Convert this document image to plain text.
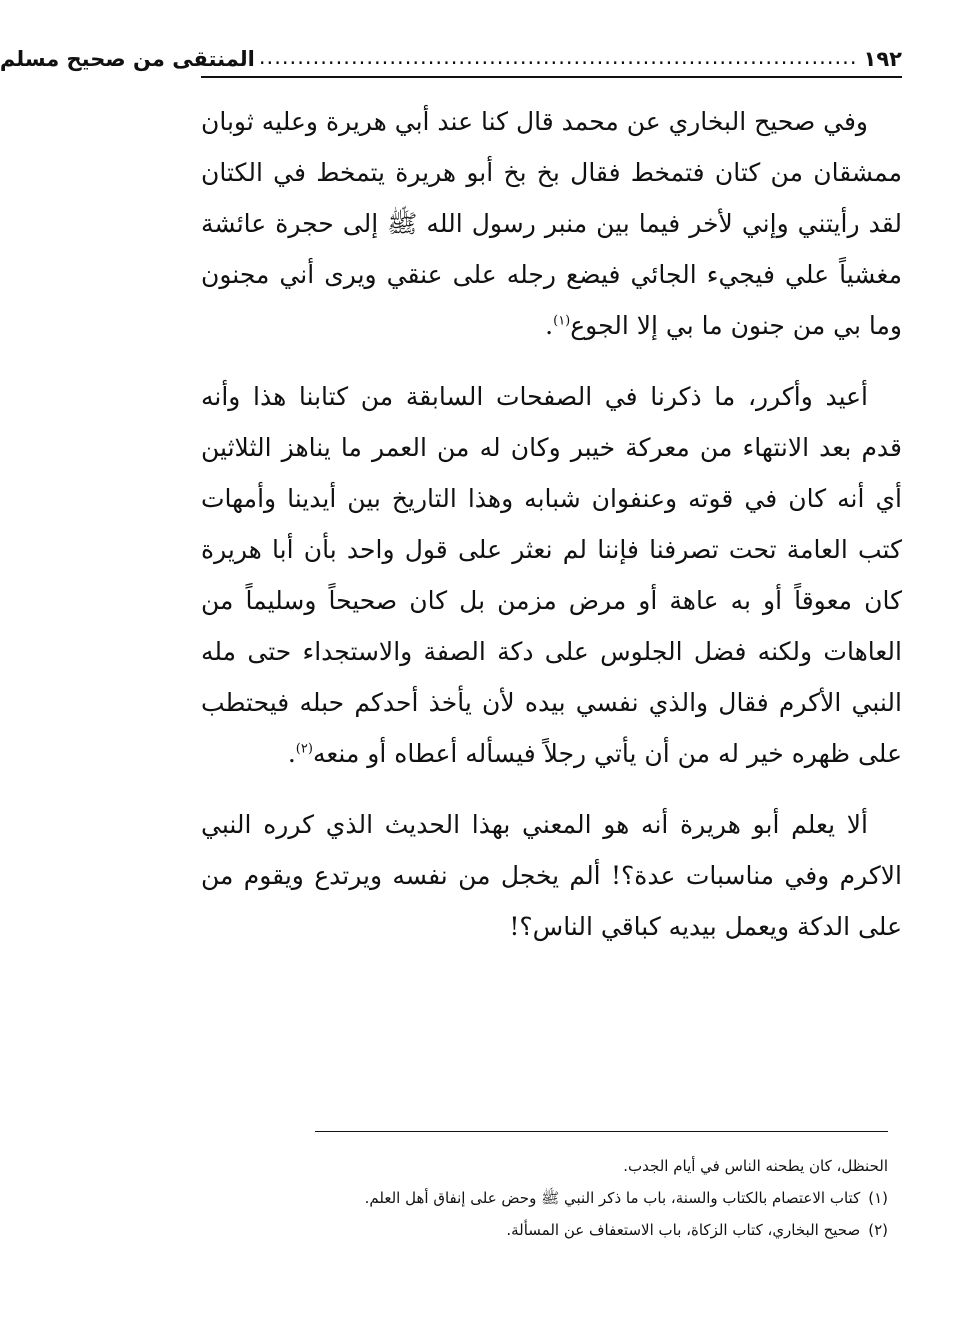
١٩٢
..............................................................................
المنتقى من صحيح مسلم

وفي صحيح البخاري عن محمد قال كنا عند أبي هريرة وعليه ثوبان ممشقان من كتان فتمخط فقال بخ بخ أبو هريرة يتمخط في الكتان لقد رأيتني وإني لأخر فيما بين منبر رسول الله ﷺ إلى حجرة عائشة مغشياً علي فيجيء الجائي فيضع رجله على عنقي ويرى أني مجنون وما بي من جنون ما بي إلا الجوع$^{(١)}$.

أعيد وأكرر، ما ذكرنا في الصفحات السابقة من كتابنا هذا وأنه قدم بعد الانتهاء من معركة خيبر وكان له من العمر ما يناهز الثلاثين أي أنه كان في قوته وعنفوان شبابه وهذا التاريخ بين أيدينا وأمهات كتب العامة تحت تصرفنا فإننا لم نعثر على قول واحد بأن أبا هريرة كان معوقاً أو به عاهة أو مرض مزمن بل كان صحيحاً وسليماً من العاهات ولكنه فضل الجلوس على دكة الصفة والاستجداء حتى مله النبي الأكرم فقال والذي نفسي بيده لأن يأخذ أحدكم حبله فيحتطب على ظهره خير له من أن يأتي رجلاً فيسأله أعطاه أو منعه$^{(٢)}$.

ألا يعلم أبو هريرة أنه هو المعني بهذا الحديث الذي كرره النبي الاكرم وفي مناسبات عدة؟! ألم يخجل من نفسه ويرتدع ويقوم من على الدكة ويعمل بيديه كباقي الناس؟!

الحنظل، كان يطحنه الناس في أيام الجدب.
(١)كتاب الاعتصام بالكتاب والسنة، باب ما ذكر النبي ﷺ وحض على إنفاق أهل العلم.
(٢)صحيح البخاري، كتاب الزكاة، باب الاستعفاف عن المسألة.
